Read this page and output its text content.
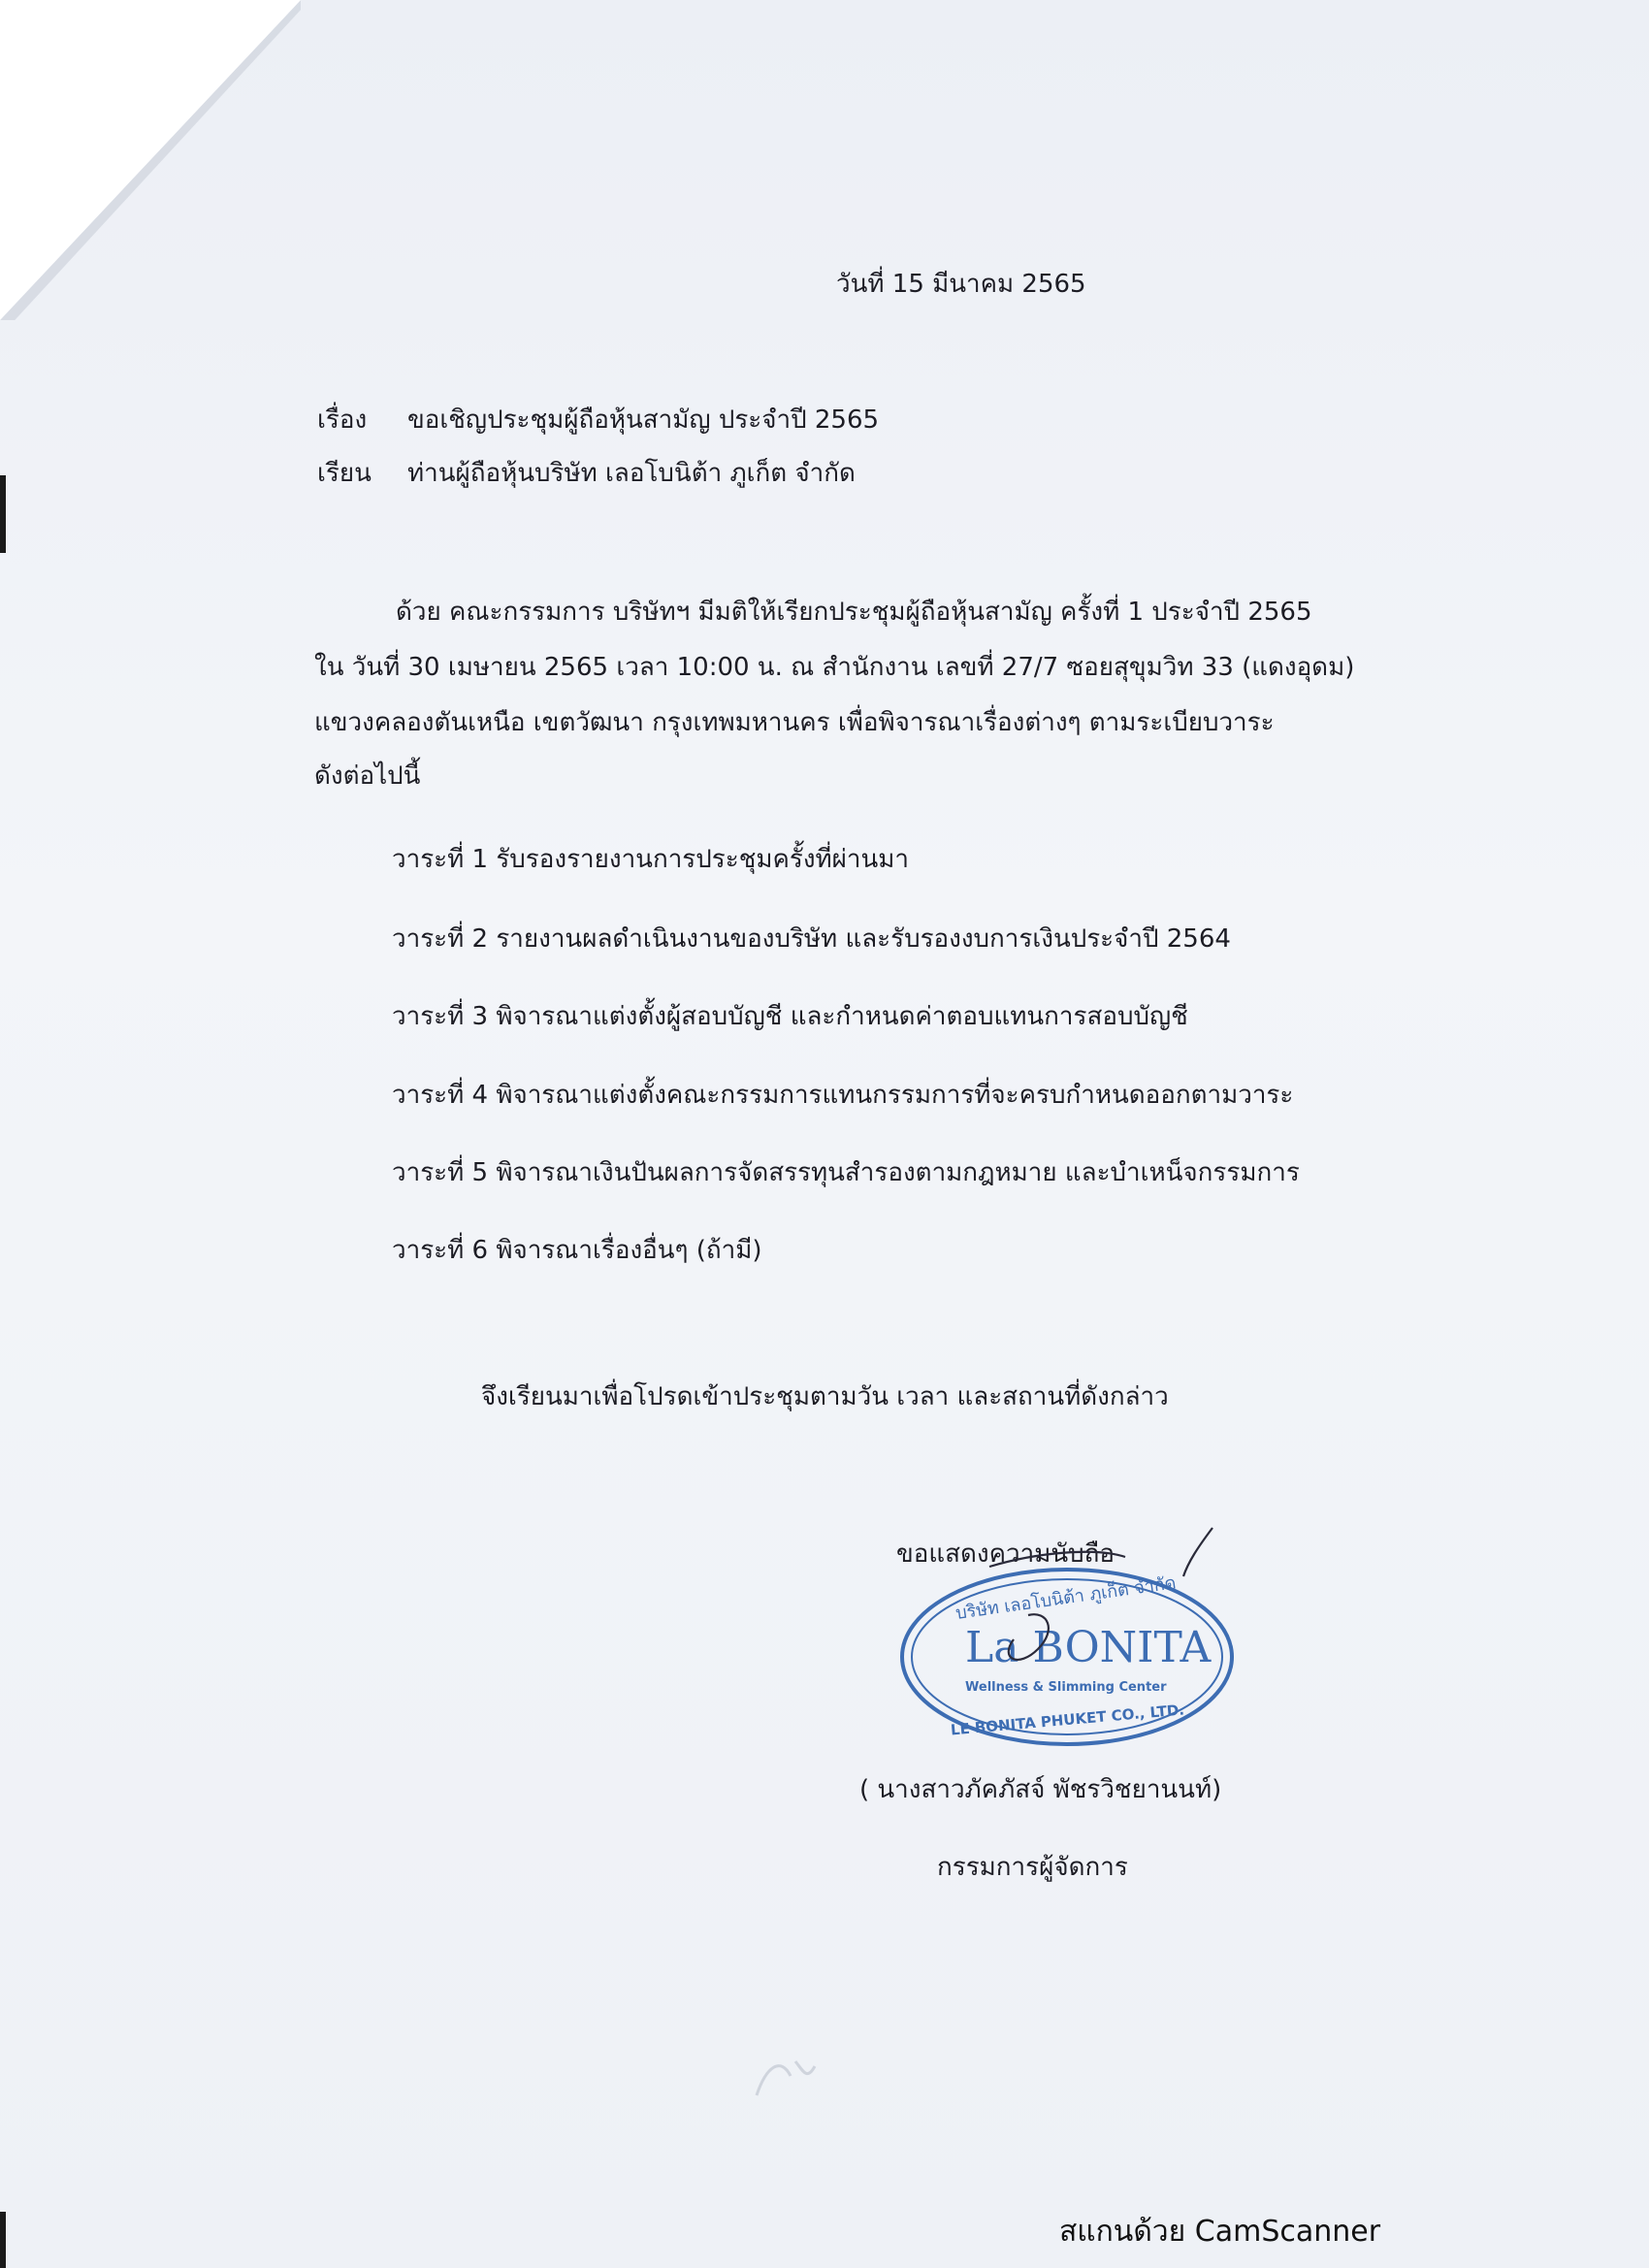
วันที่ 15 มีนาคม 2565
เรื่อง ขอเชิญประชุมผู้ถือหุ้นสามัญ ประจำปี 2565
เรียน ท่านผู้ถือหุ้นบริษัท เลอโบนิต้า ภูเก็ต จำกัด
ด้วย คณะกรรมการ บริษัทฯ มีมติให้เรียกประชุมผู้ถือหุ้นสามัญ ครั้งที่ 1 ประจำปี 2565
ใน วันที่ 30 เมษายน 2565 เวลา 10:00 น. ณ สำนักงาน เลขที่ 27/7 ซอยสุขุมวิท 33 (แดงอุดม)
แขวงคลองตันเหนือ เขตวัฒนา กรุงเทพมหานคร เพื่อพิจารณาเรื่องต่างๆ ตามระเบียบวาระ
ดังต่อไปนี้
วาระที่ 1 รับรองรายงานการประชุมครั้งที่ผ่านมา
วาระที่ 2 รายงานผลดำเนินงานของบริษัท และรับรองงบการเงินประจำปี 2564
วาระที่ 3 พิจารณาแต่งตั้งผู้สอบบัญชี และกำหนดค่าตอบแทนการสอบบัญชี
วาระที่ 4 พิจารณาแต่งตั้งคณะกรรมการแทนกรรมการที่จะครบกำหนดออกตามวาระ
วาระที่ 5 พิจารณาเงินปันผลการจัดสรรทุนสำรองตามกฎหมาย และบำเหน็จกรรมการ
วาระที่ 6 พิจารณาเรื่องอื่นๆ (ถ้ามี)
จึงเรียนมาเพื่อโปรดเข้าประชุมตามวัน เวลา และสถานที่ดังกล่าว
ขอแสดงความนับถือ
บริษัท เลอโบนิต้า ภูเก็ต จำกัด
La BONITA
Wellness & Slimming Center
LE BONITA PHUKET CO., LTD.
( นางสาวภัคภัสจ์ พัชรวิชยานนท์)
กรรมการผู้จัดการ
สแกนด้วย CamScanner
